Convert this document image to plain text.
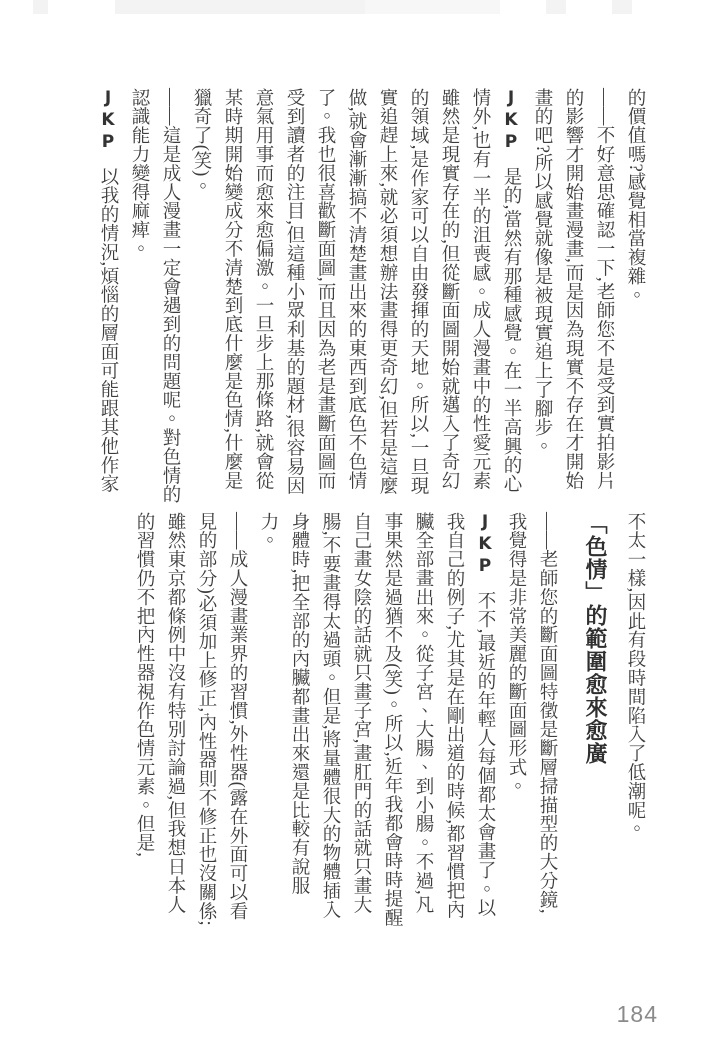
的價值嗎?感覺相當複雜。

——不好意思確認一下,老師您不是受到實拍影片的影響才開始畫漫畫,而是因為現實不存在才開始畫的吧?所以感覺就像是被現實追上了腳步。

JKP是的,當然有那種感覺。在一半高興的心情外,也有一半的沮喪感。成人漫畫中的性愛元素雖然是現實存在的,但從斷面圖開始就邁入了奇幻的領域,是作家可以自由發揮的天地。所以,一旦現實追趕上來,就必須想辦法畫得更奇幻,但若是這麼做,就會漸漸搞不清楚畫出來的東西到底色不色情了。我也很喜歡斷面圖,而且因為老是畫斷面圖而受到讀者的注目,但這種小眾利基的題材,很容易因意氣用事而愈來愈偏激。一旦步上那條路,就會從某時期開始變成分不清楚到底什麼是色情,什麼是獵奇了(笑)。

——這是成人漫畫一定會遇到的問題呢。對色情的認識能力變得麻痺。

JKP以我的情況,煩惱的層面可能跟其他作家

不太一樣,因此有段時間陷入了低潮呢。

「色情」的範圍愈來愈廣

——老師您的斷面圖特徵是斷層掃描型的大分鏡,我覺得是非常美麗的斷面圖形式。

JKP不不,最近的年輕人每個都太會畫了。以我自己的例子,尤其是在剛出道的時候,都習慣把內臟全部畫出來。從子宮、大腸、到小腸。不過,凡事果然是過猶不及(笑)。所以,近年我都會時時提醒自己畫女陰的話就只畫子宮,畫肛門的話就只畫大腸,不要畫得太過頭。但是,將量體很大的物體插入身體時,把全部的內臟都畫出來還是比較有說服力。

——成人漫畫業界的習慣,外性器(露在外面可以看見的部分)必須加上修正,內性器則不修正也沒關係;雖然東京都條例中沒有特別討論過,但我想日本人的習慣仍不把內性器視作色情元素。但是,

184
